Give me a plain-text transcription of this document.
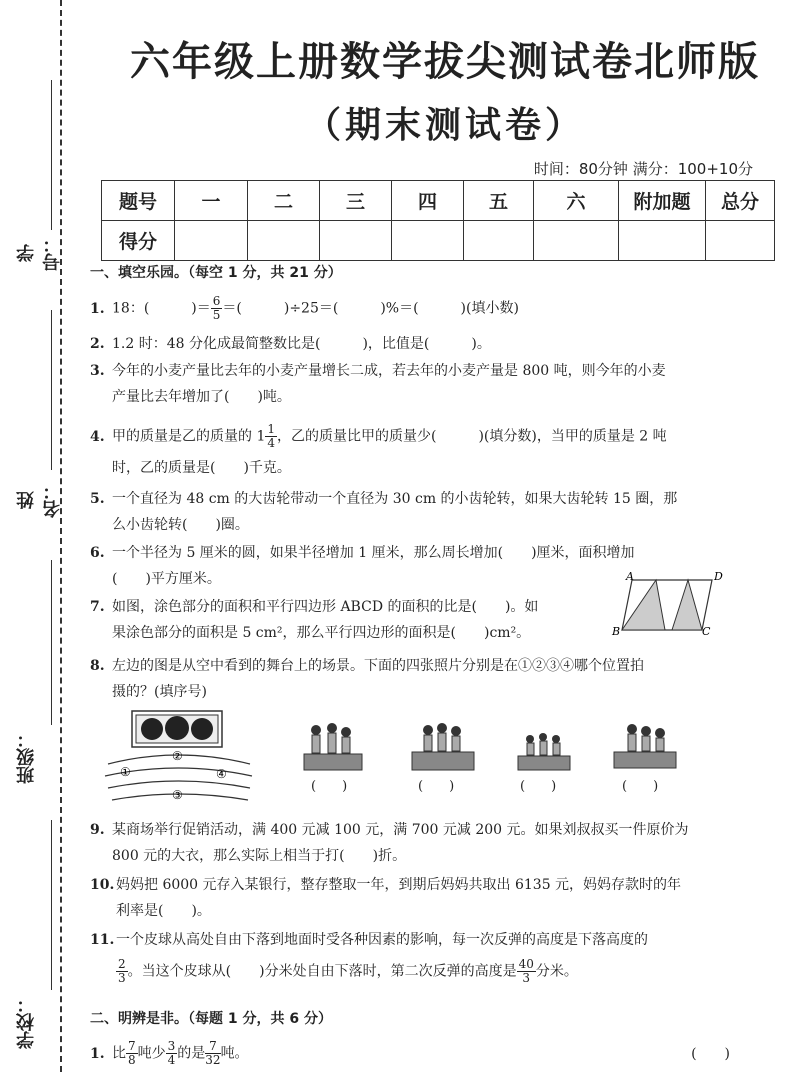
学号：
姓名：
班级：
学校：
六年级上册数学拔尖测试卷北师版
（期末测试卷）
时间：80分钟 满分：100+10分
题号	一	二	三	四	五	六	附加题	总分
得分								
一、填空乐园。（每空 1 分，共 21 分）
1. 18：(　　　)＝ $\frac{6}{5}$ ＝(　　　)÷25＝(　　　)%＝(　　　)(填小数)
2. 1.2 时：48 分化成最简整数比是(　　　)，比值是(　　　)。
3. 今年的小麦产量比去年的小麦产量增长二成，若去年的小麦产量是 800 吨，则今年的小麦
产量比去年增加了(　　)吨。
4. 甲的质量是乙的质量的 $1 \frac{1}{4}$ ，乙的质量比甲的质量少(　　　)(填分数)，当甲的质量是 2 吨
时，乙的质量是(　　)千克。
5. 一个直径为 48 cm 的大齿轮带动一个直径为 30 cm 的小齿轮转，如果大齿轮转 15 圈，那
么小齿轮转(　　)圈。
6. 一个半径为 5 厘米的圆，如果半径增加 1 厘米，那么周长增加(　　)厘米，面积增加
(　　)平方厘米。
7. 如图，涂色部分的面积和平行四边形 ABCD 的面积的比是(　　)。如
果涂色部分的面积是 5 cm²，那么平行四边形的面积是(　　)cm²。
A	D
B	C
8. 左边的图是从空中看到的舞台上的场景。下面的四张照片分别是在①②③④哪个位置拍
摄的？(填序号)
②
①	④
③
(　　)	(　　)	(　　)	(　　)
9. 某商场举行促销活动，满 400 元减 100 元，满 700 元减 200 元。如果刘叔叔买一件原价为
800 元的大衣，那么实际上相当于打(　　)折。
10. 妈妈把 6000 元存入某银行，整存整取一年，到期后妈妈共取出 6135 元，妈妈存款时的年
利率是(　　)。
11. 一个皮球从高处自由下落到地面时受各种因素的影响，每一次反弹的高度是下落高度的
$\frac{2}{3}$ 。当这个皮球从(　　)分米处自由下落时，第二次反弹的高度是 $\frac{40}{3}$ 分米。
二、明辨是非。（每题 1 分，共 6 分）
1. 比 $\frac{7}{8}$ 吨少 $\frac{3}{4}$ 的是 $\frac{7}{32}$ 吨。	(　　)
